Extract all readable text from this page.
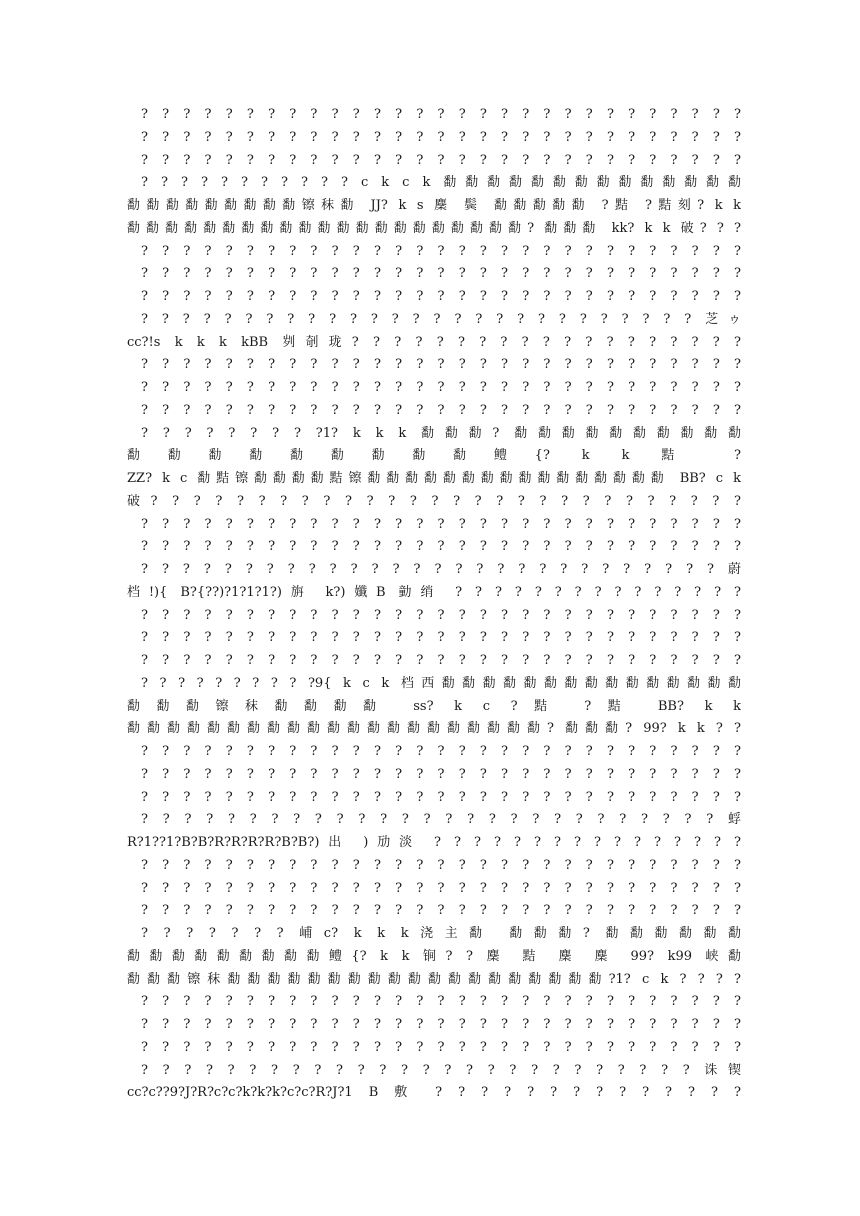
? ? ? ? ? ? ? ? ? ? ? ? ? ? ? ? ? ? ? ? ? ? ? ? ? ? ? ? ?
? ? ? ? ? ? ? ? ? ? ? ? ? ? ? ? ? ? ? ? ? ? ? ? ? ? ? ? ?
? ? ? ? ? ? ? ? ? ? ? ? ? ? ? ? ? ? ? ? ? ? ? ? ? ? ? ? ?
? ? ? ? ? ? ? ? ? ? ? c k c k 勫勫勫勫勫勫勫勫勫勫勫勫勫勫
勫勫勫勫勫勫勫勫勫镲秣勫 JJ? k s 麇 鬓 勫勫勫勫勫 ?黠 ?黠刻? k k
勫勫勫勫勫勫勫勫勫勫勫勫勫勫勫勫勫勫勫勫勫? 勫勫勫 kk? k k 破? ? ?
? ? ? ? ? ? ? ? ? ? ? ? ? ? ? ? ? ? ? ? ? ? ? ? ? ? ? ? ?
? ? ? ? ? ? ? ? ? ? ? ? ? ? ? ? ? ? ? ? ? ? ? ? ? ? ? ? ?
? ? ? ? ? ? ? ? ? ? ? ? ? ? ? ? ? ? ? ? ? ? ? ? ? ? ? ? ?
? ? ? ? ? ? ? ? ? ? ? ? ? ? ? ? ? ? ? ? ? ? ? ? ? ? ? 芝ゥ
cc?!s k k k kBB 刿剞珑? ? ? ? ? ? ? ? ? ? ? ? ? ? ? ? ? ? ?
? ? ? ? ? ? ? ? ? ? ? ? ? ? ? ? ? ? ? ? ? ? ? ? ? ? ? ? ?
? ? ? ? ? ? ? ? ? ? ? ? ? ? ? ? ? ? ? ? ? ? ? ? ? ? ? ? ?
? ? ? ? ? ? ? ? ? ? ? ? ? ? ? ? ? ? ? ? ? ? ? ? ? ? ? ? ?
? ? ? ? ? ? ? ? ?1? k k k 勫勫勫? 勫勫勫勫勫勫勫勫勫勫
勫勫勫勫勫勫勫勫勫鳢{? k k 黠 ?
ZZ? k c 勫黠镲勫勫勫勫黠镲勫勫勫勫勫勫勫勫勫勫勫勫勫勫勫勫 BB? c k
破? ? ? ? ? ? ? ? ? ? ? ? ? ? ? ? ? ? ? ? ? ? ? ? ? ? ? ?
? ? ? ? ? ? ? ? ? ? ? ? ? ? ? ? ? ? ? ? ? ? ? ? ? ? ? ? ?
? ? ? ? ? ? ? ? ? ? ? ? ? ? ? ? ? ? ? ? ? ? ? ? ? ? ? ? ?
? ? ? ? ? ? ? ? ? ? ? ? ? ? ? ? ? ? ? ? ? ? ? ? ? ? ? ? 蔚
档!){ B?{??)?1?1?1?)旃 k?)孅B 勭绡 ? ? ? ? ? ? ? ? ? ? ? ? ? ? ?
? ? ? ? ? ? ? ? ? ? ? ? ? ? ? ? ? ? ? ? ? ? ? ? ? ? ? ? ?
? ? ? ? ? ? ? ? ? ? ? ? ? ? ? ? ? ? ? ? ? ? ? ? ? ? ? ? ?
? ? ? ? ? ? ? ? ? ? ? ? ? ? ? ? ? ? ? ? ? ? ? ? ? ? ? ? ?
? ? ? ? ? ? ? ? ? ?9{ k c k 档西勫勫勫勫勫勫勫勫勫勫勫勫勫勫勫
勫勫勫镲秣勫勫勫勫 ss? k c ?黠 ?黠 BB? k k
勫勫勫勫勫勫勫勫勫勫勫勫勫勫勫勫勫勫勫勫勫? 勫勫勫? 99? k k ? ?
? ? ? ? ? ? ? ? ? ? ? ? ? ? ? ? ? ? ? ? ? ? ? ? ? ? ? ? ?
? ? ? ? ? ? ? ? ? ? ? ? ? ? ? ? ? ? ? ? ? ? ? ? ? ? ? ? ?
? ? ? ? ? ? ? ? ? ? ? ? ? ? ? ? ? ? ? ? ? ? ? ? ? ? ? ? ?
? ? ? ? ? ? ? ? ? ? ? ? ? ? ? ? ? ? ? ? ? ? ? ? ? ? ? 蜉
R?1??1?B?B?R?R?R?R?B?B?)出 )劢淡 ? ? ? ? ? ? ? ? ? ? ? ? ? ? ? ?
? ? ? ? ? ? ? ? ? ? ? ? ? ? ? ? ? ? ? ? ? ? ? ? ? ? ? ? ?
? ? ? ? ? ? ? ? ? ? ? ? ? ? ? ? ? ? ? ? ? ? ? ? ? ? ? ? ?
? ? ? ? ? ? ? ? ? ? ? ? ? ? ? ? ? ? ? ? ? ? ? ? ? ? ? ? ?
? ? ? ? ? ? ? 峬c? k k k浇主勫 勫勫勫? 勫勫勫勫勫勫
勫勫勫勫勫勫勫勫勫鳢{? k k 锏? ? 麇 黠 麇 麇 99? k99 峡勫
勫勫勫镲秣勫勫勫勫勫勫勫勫勫勫勫勫勫勫勫勫勫勫勫?1? c k ? ? ? ?
? ? ? ? ? ? ? ? ? ? ? ? ? ? ? ? ? ? ? ? ? ? ? ? ? ? ? ? ?
? ? ? ? ? ? ? ? ? ? ? ? ? ? ? ? ? ? ? ? ? ? ? ? ? ? ? ? ?
? ? ? ? ? ? ? ? ? ? ? ? ? ? ? ? ? ? ? ? ? ? ? ? ? ? ? ? ?
? ? ? ? ? ? ? ? ? ? ? ? ? ? ? ? ? ? ? ? ? ? ? ? ? ? 诛锲
cc?c??9?J?R?c?c?k?k?k?c?c?R?J?1 B 敷 ? ? ? ? ? ? ? ? ? ? ? ? ? ?
